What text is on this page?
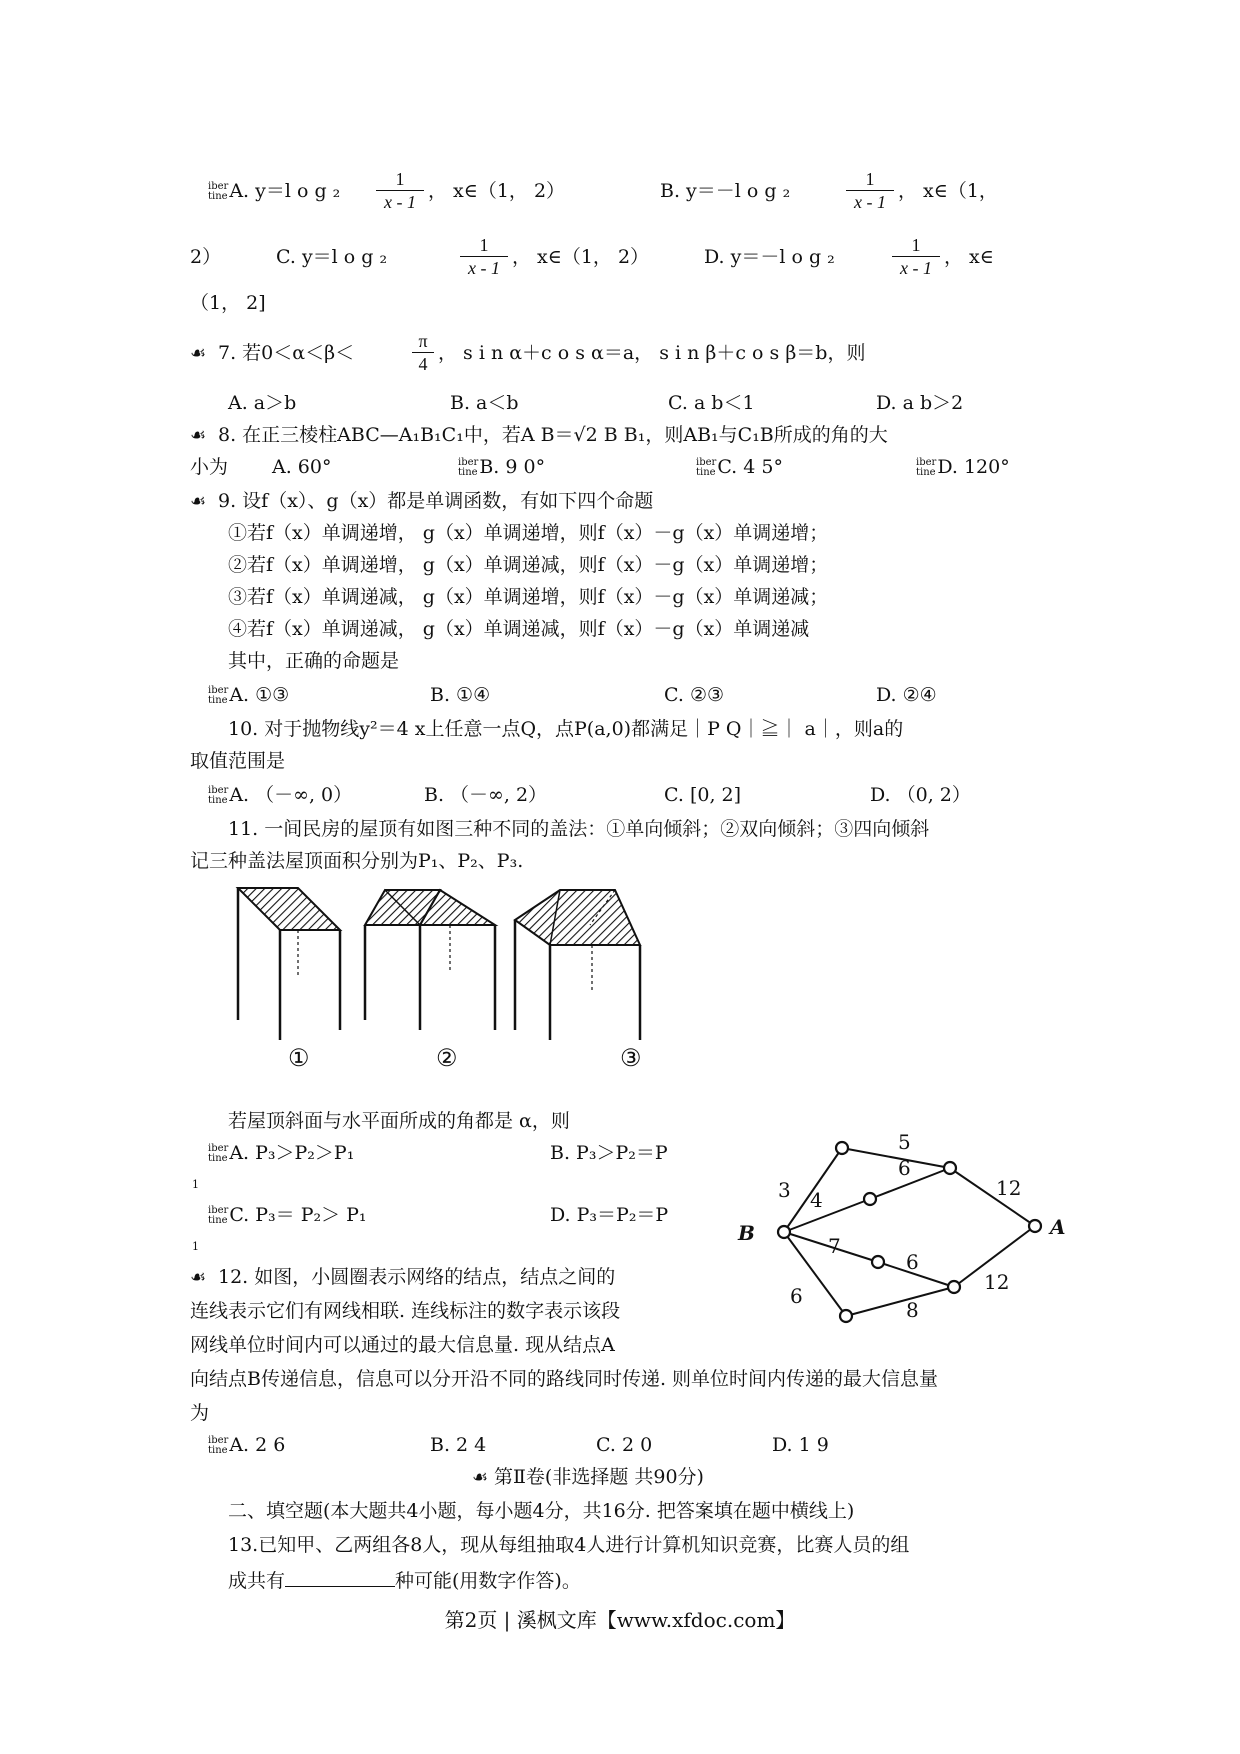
iber
tine A. y＝l o g $_2 \frac{1}{x - 1}$ ， x∈（1， 2）	B. y＝－l o g ₂	$\frac{1}{x - 1}$ ， x∈（1，
2）	C. y＝l o g ₂	$\frac{1}{x - 1}$ ， x∈（1， 2）	D. y＝－l o g ₂	$\frac{1}{x - 1}$ ， x∈
（1， 2]
☙ 7. 若0＜α＜β＜	$\frac{\pi}{4}$ ， s i n α＋c o s α＝a， s i n β＋c o s β＝b，则
A. a＞b	B. a＜b	C. a b＜1	D. a b＞2
☙ 8. 在正三棱柱ABC—A₁B₁C₁中，若A B＝√2 B B₁，则AB₁与C₁B所成的角的大
小为 A. 60°	iber
tine B. 9 0°	iber
tine C. 4 5°	iber
tine D. 120°
☙ 9. 设f（x）、g（x）都是单调函数，有如下四个命题
①若f（x）单调递增， g（x）单调递增，则f（x）－g（x）单调递增；
②若f（x）单调递增， g（x）单调递减，则f（x）－g（x）单调递增；
③若f（x）单调递减， g（x）单调递增，则f（x）－g（x）单调递减；
④若f（x）单调递减， g（x）单调递减，则f（x）－g（x）单调递减
其中，正确的命题是
iber
tine A. ①③	B. ①④	C. ②③	D. ②④
10. 对于抛物线y²＝4 x上任意一点Q，点P(a,0)都满足｜P Q｜≧｜ a｜，则a的
取值范围是
iber
tine A. （－∞, 0）	B. （－∞, 2）	C. [0, 2]	D. （0, 2）
11. 一间民房的屋顶有如图三种不同的盖法：①单向倾斜；②双向倾斜；③四向倾斜
记三种盖法屋顶面积分别为P₁、P₂、P₃.
①	②	③
若屋顶斜面与水平面所成的角都是 α，则
iber
tine A. P₃＞P₂＞P₁	B. P₃＞P₂＝P
1
iber
tine C. P₃＝ P₂＞ P₁	D. P₃＝P₂＝P
1
B	A
3
5
4
6
12
7
6
6
8
12
☙ 12. 如图，小圆圈表示网络的结点，结点之间的
连线表示它们有网线相联. 连线标注的数字表示该段
网线单位时间内可以通过的最大信息量. 现从结点A
向结点B传递信息，信息可以分开沿不同的路线同时传递. 则单位时间内传递的最大信息量
为
iber
tine A. 2 6	B. 2 4	C. 2 0	D. 1 9
☙ 第Ⅱ卷(非选择题 共90分)
二、填空题(本大题共4小题，每小题4分，共16分. 把答案填在题中横线上)
13.已知甲、乙两组各8人，现从每组抽取4人进行计算机知识竞赛，比赛人员的组
成共有	种可能(用数字作答)。
第2页 | 溪枫文库【www.xfdoc.com】
